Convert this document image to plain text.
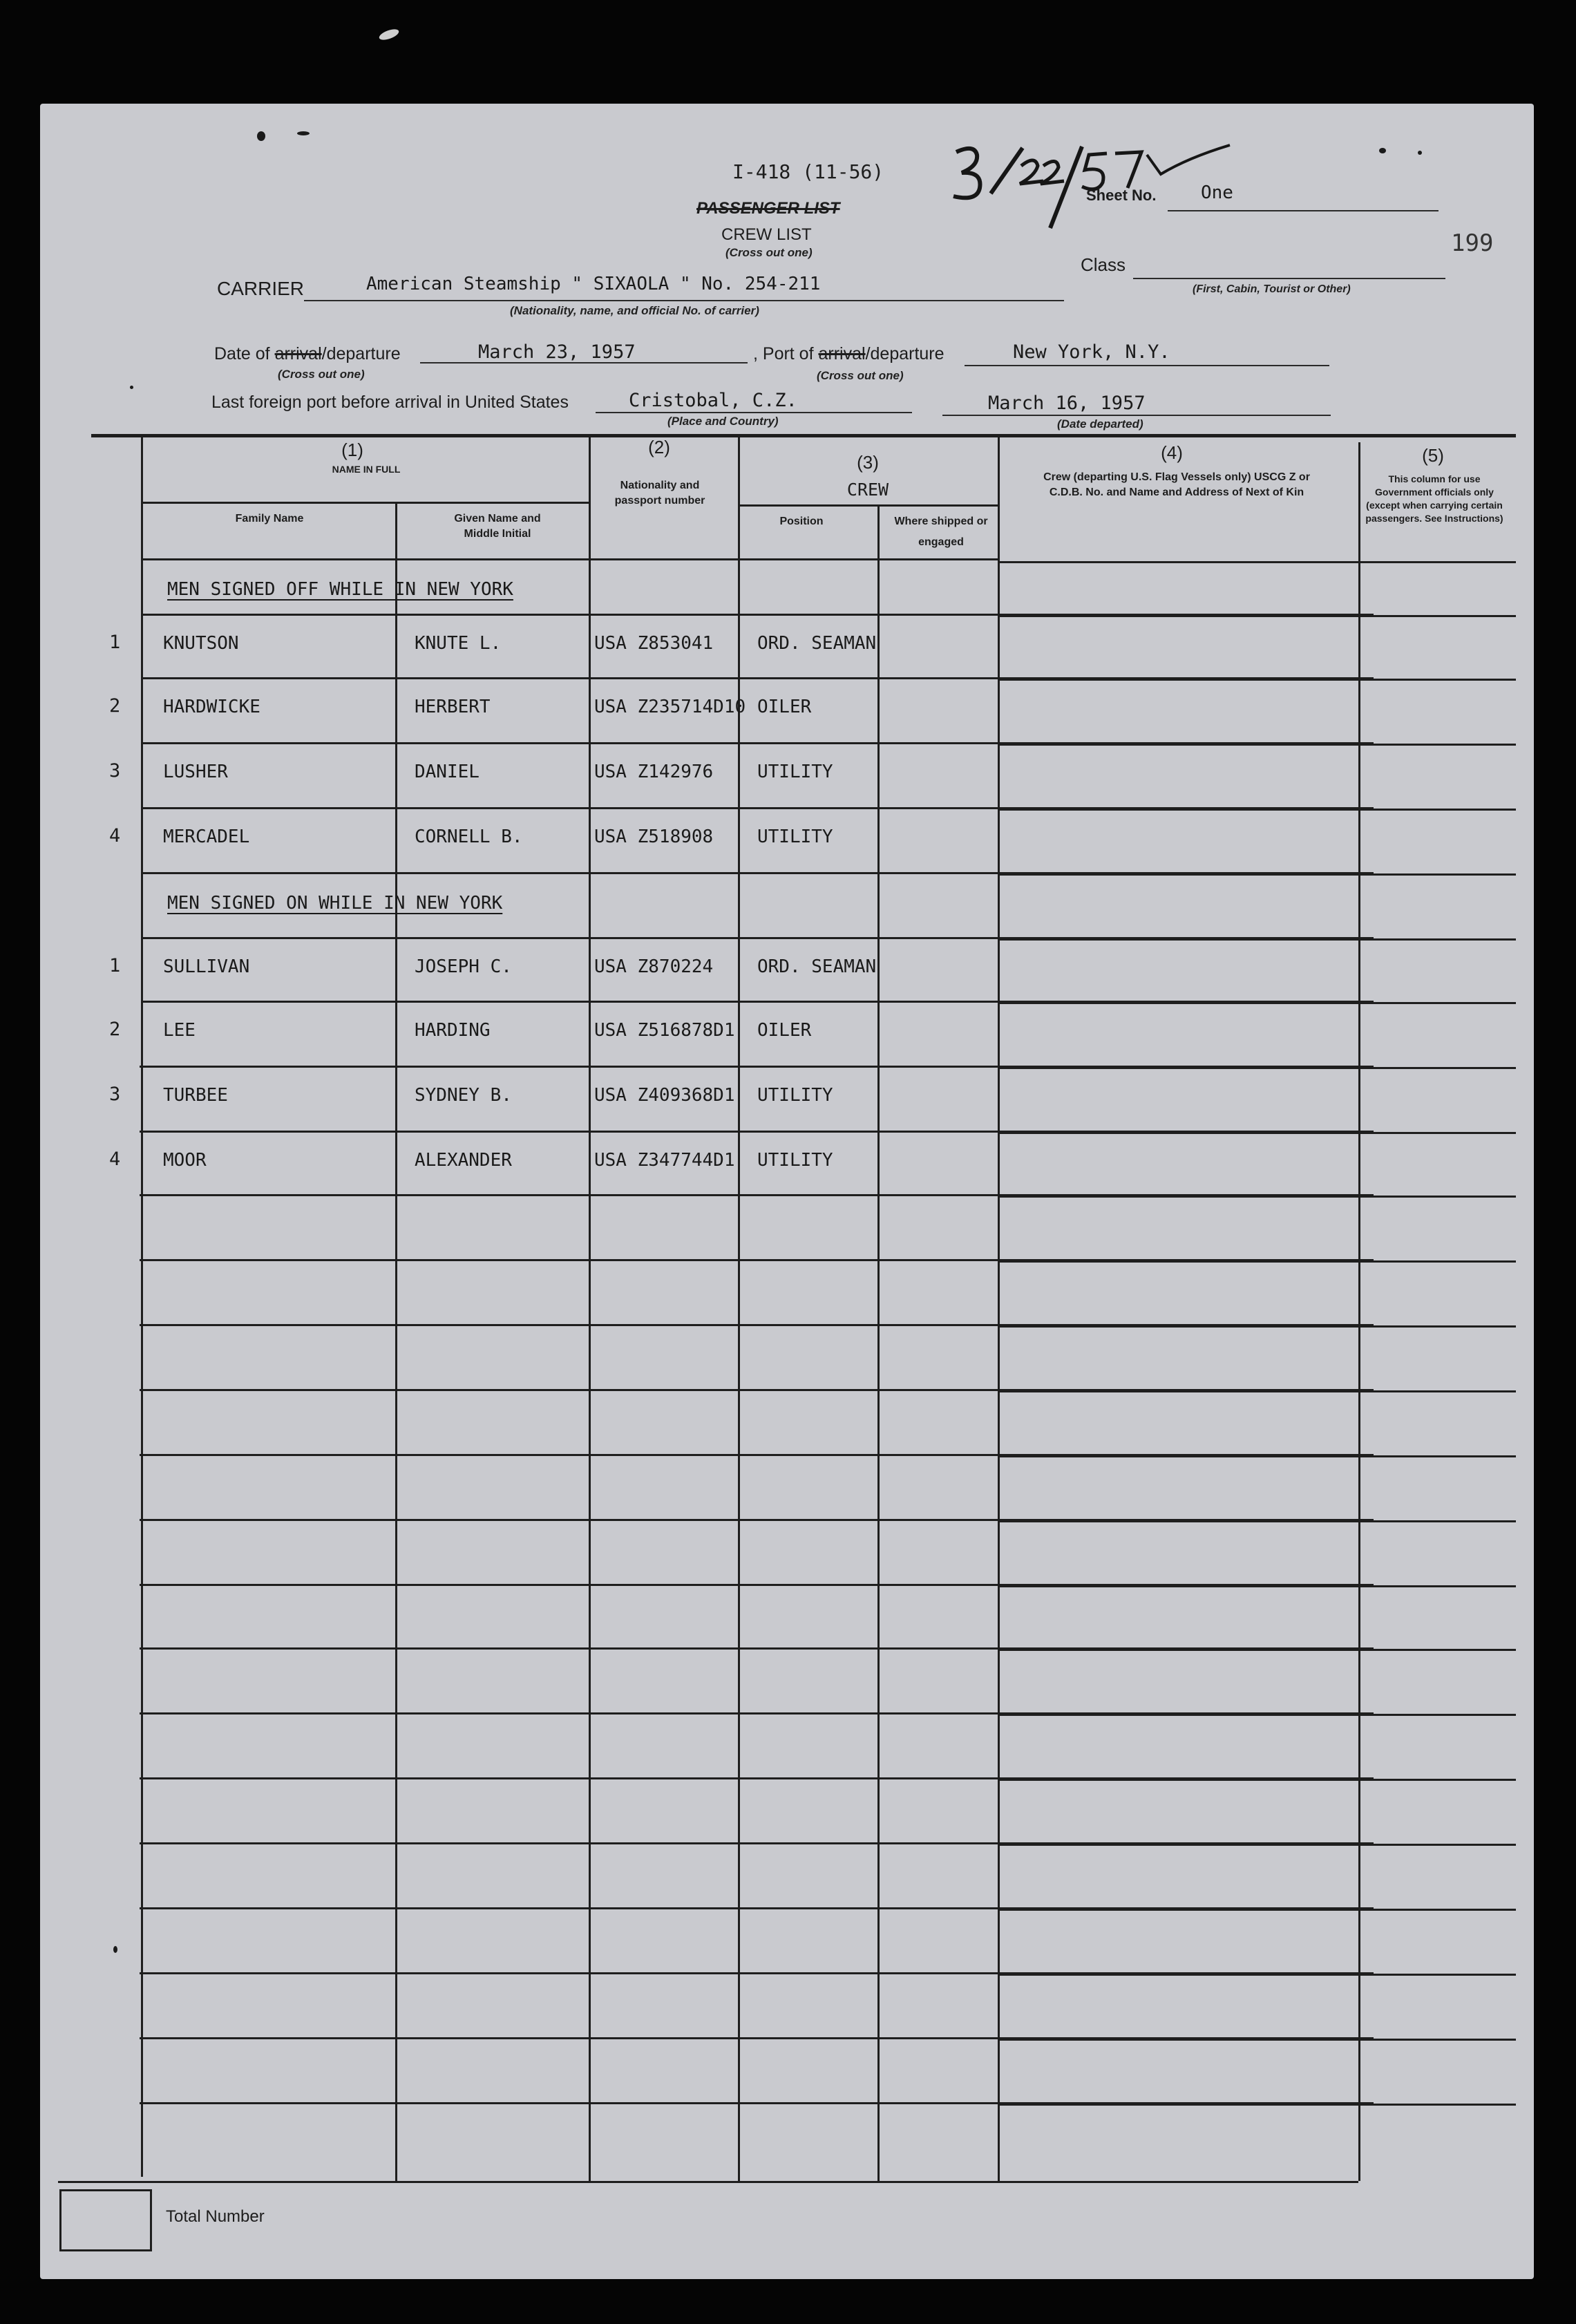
I-418 (11-56)
PASSENGER LIST
CREW LIST
(Cross out one)
Sheet No. One
199
Class
(First, Cabin, Tourist or Other)
CARRIER	American Steamship " SIXAOLA " No. 254-211
(Nationality, name, and official No. of carrier)
Date of arrival/departure	March 23, 1957
(Cross out one)
, Port of arrival/departure	New York, N.Y.
(Cross out one)
Last foreign port before arrival in United States	Cristobal, C.Z.
(Place and Country)
March 16, 1957
(Date departed)
(1)
NAME IN FULL
Family Name	Given Name and Middle Initial
(2)
Nationality and passport number
(3)
CREW
Position	Where shipped or engaged
(4)
Crew (departing U.S. Flag Vessels only) USCG Z or C.D.B. No. and Name and Address of Next of Kin
(5)
This column for use Government officials only (except when carrying certain passengers. See Instructions)
MEN SIGNED OFF WHILE IN NEW YORK
1 KNUTSON	KNUTE L.	USA Z853041 ORD. SEAMAN
2 HARDWICKE	HERBERT	USA Z235714D10 OILER
3 LUSHER	DANIEL	USA Z142976 UTILITY
4 MERCADEL	CORNELL B.	USA Z518908 UTILITY
MEN SIGNED ON WHILE IN NEW YORK
1 SULLIVAN	JOSEPH C.	USA Z870224 ORD. SEAMAN
2 LEE	HARDING	USA Z516878D1 OILER
3 TURBEE	SYDNEY B.	USA Z409368D1 UTILITY
4 MOOR	ALEXANDER	USA Z347744D1 UTILITY
Total Number
